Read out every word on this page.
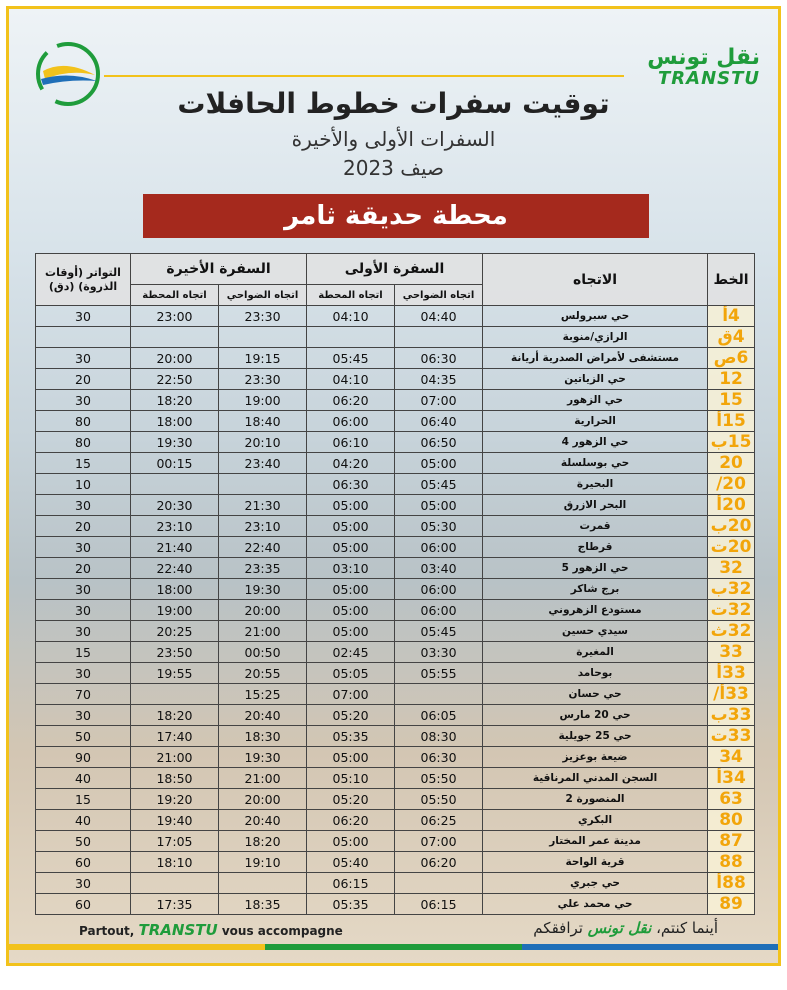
نقل تونس
TRANSTU
توقيت سفرات خطوط الحافلات
السفرات الأولى والأخيرة
صيف 2023
محطة حديقة ثامر
الخط	الاتجاه	السفرة الأولى		السفرة الأخيرة		التواتر (أوقات الذروة) (دق)
		اتجاه الضواحي	اتجاه المحطة	اتجاه الضواحي	اتجاه المحطة	
4أ	حي سبرولس	04:40	04:10	23:30	23:00	30
4ق	الرازي/منوبة					
6ص	مستشفى لأمراض الصدرية أريانة	06:30	05:45	19:15	20:00	30
12	حي الزياتين	04:35	04:10	23:30	22:50	20
15	حي الزهور	07:00	06:20	19:00	18:20	30
15أ	الحرارية	06:40	06:00	18:40	18:00	80
15ب	حي الزهور 4	06:50	06:10	20:10	19:30	80
20	حي بوسلسلة	05:00	04:20	23:40	00:15	15
20/	البحيرة	05:45	06:30			10
20أ	البحر الازرق	05:00	05:00	21:30	20:30	30
20ب	قمرت	05:30	05:00	23:10	23:10	20
20ت	قرطاج	06:00	05:00	22:40	21:40	30
32	حي الزهور 5	03:40	03:10	23:35	22:40	20
32ب	برج شاكر	06:00	05:00	19:30	18:00	30
32ت	مستودع الزهروني	06:00	05:00	20:00	19:00	30
32ث	سيدي حسين	05:45	05:00	21:00	20:25	30
33	المغيرة	03:30	02:45	00:50	23:50	15
33أ	بوحامد	05:55	05:05	20:55	19:55	30
33أ/	حي حسان		07:00	15:25		70
33ب	حي 20 مارس	06:05	05:20	20:40	18:20	30
33ت	حي 25 جويلية	08:30	05:35	18:30	17:40	50
34	ضيعة بوعزيز	06:30	05:00	19:30	21:00	90
34أ	السجن المدني المرناقية	05:50	05:10	21:00	18:50	40
63	المنصورة 2	05:50	05:20	20:00	19:20	15
80	البكري	06:25	06:20	20:40	19:40	40
87	مدينة عمر المختار	07:00	05:00	18:20	17:05	50
88	قرية الواحة	06:20	05:40	19:10	18:10	60
88أ	حي جبري		06:15			30
89	حي محمد علي	06:15	05:35	18:35	17:35	60
Partout, TRANSTU vous accompagne	أينما كنتم، نقل تونس ترافقكم
